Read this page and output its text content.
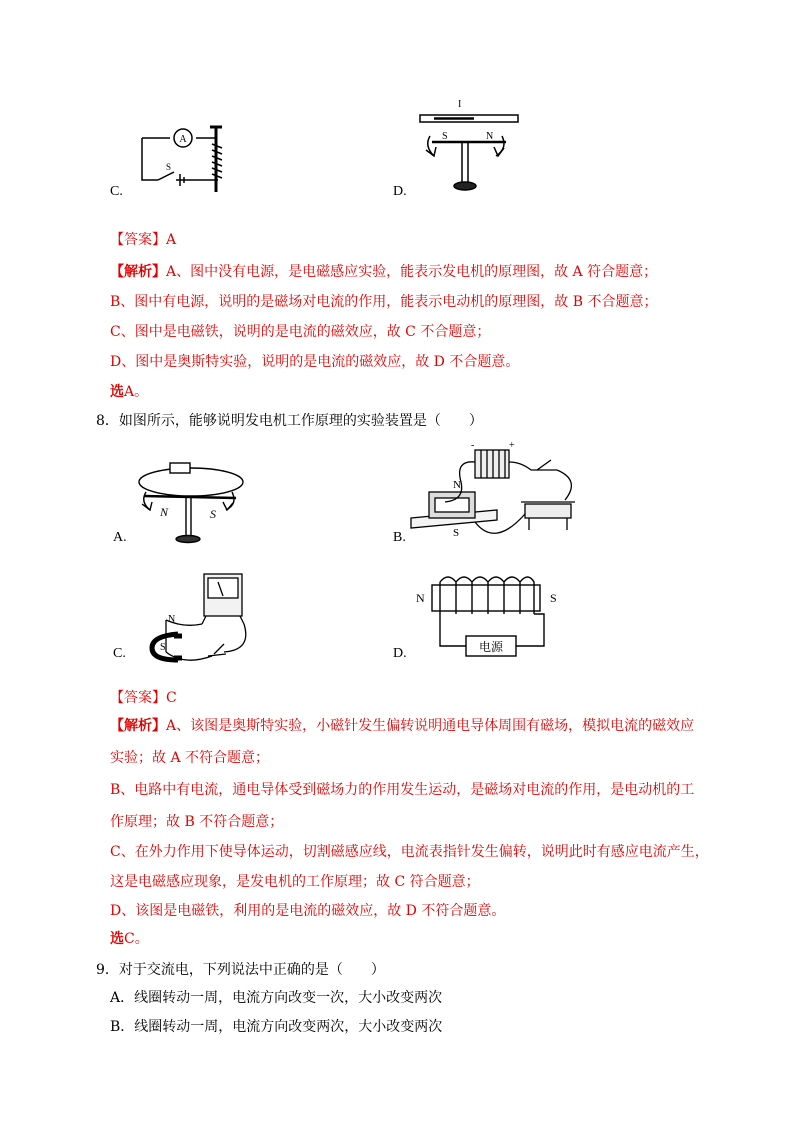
A
S
C.
I
S	N
D.
【答案】A
【解析】A、图中没有电源，是电磁感应实验，能表示发电机的原理图，故 A 符合题意；
B、图中有电源，说明的是磁场对电流的作用，能表示电动机的原理图，故 B 不合题意；
C、图中是电磁铁，说明的是电流的磁效应，故 C 不合题意；
D、图中是奥斯特实验，说明的是电流的磁效应，故 D 不合题意。
选A。
8．如图所示，能够说明发电机工作原理的实验装置是（　　）
N	S
A.
-	+
N
S
B.
N
S
C.
N	S
电源
D.
【答案】C
【解析】A、该图是奥斯特实验，小磁针发生偏转说明通电导体周围有磁场，模拟电流的磁效应
实验；故 A 不符合题意；
B、电路中有电流，通电导体受到磁场力的作用发生运动，是磁场对电流的作用，是电动机的工
作原理；故 B 不符合题意；
C、在外力作用下使导体运动，切割磁感应线，电流表指针发生偏转，说明此时有感应电流产生，
这是电磁感应现象，是发电机的工作原理；故 C 符合题意；
D、该图是电磁铁，利用的是电流的磁效应，故 D 不符合题意。
选C。
9．对于交流电，下列说法中正确的是（　　）
A．线圈转动一周，电流方向改变一次，大小改变两次
B．线圈转动一周，电流方向改变两次，大小改变两次
